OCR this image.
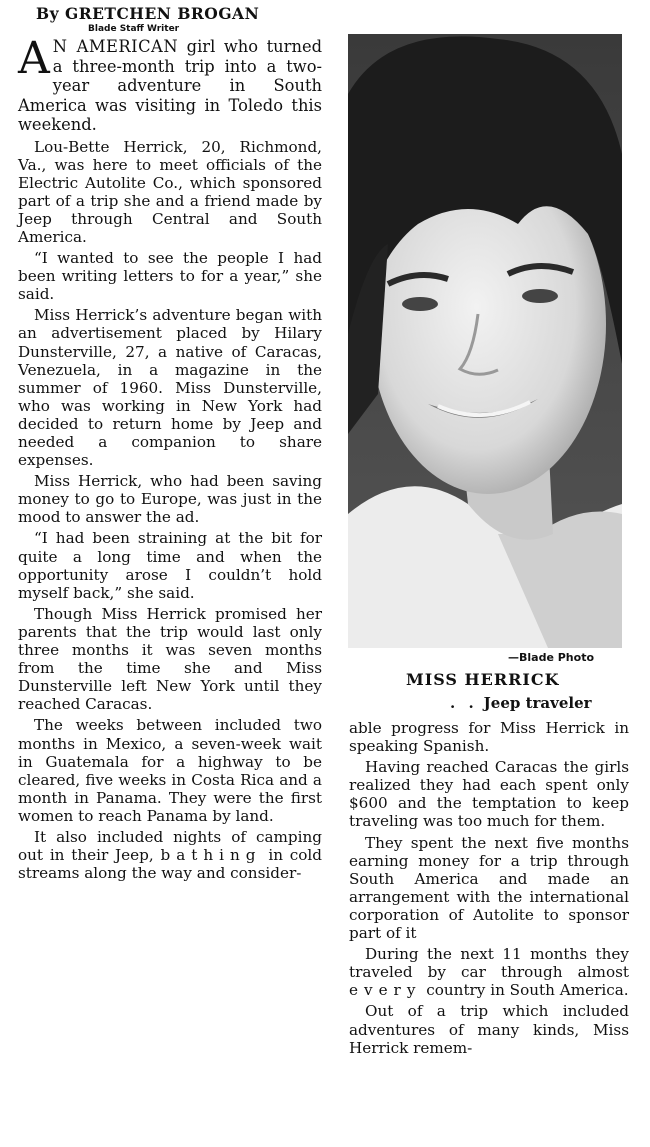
By GRETCHEN BROGAN
Blade Staff Writer

A N AMERICAN girl who turned a three-month trip into a two-year adventure in South America was visiting in Toledo this weekend.

Lou-Bette Herrick, 20, Richmond, Va., was here to meet officials of the Electric Autolite Co., which sponsored part of a trip she and a friend made by Jeep through Central and South America.

“I wanted to see the people I had been writing letters to for a year,” she said.

Miss Herrick’s adventure began with an advertisement placed by Hilary Dunsterville, 27, a native of Caracas, Venezuela, in a magazine in the summer of 1960. Miss Dunsterville, who was working in New York had decided to return home by Jeep and needed a companion to share expenses.

Miss Herrick, who had been saving money to go to Europe, was just in the mood to answer the ad.

“I had been straining at the bit for quite a long time and when the opportunity arose I couldn’t hold myself back,” she said.

Though Miss Herrick promised her parents that the trip would last only three months it was seven months from the time she and Miss Dunsterville left New York until they reached Caracas.

The weeks between included two months in Mexico, a seven-week wait in Guatemala for a highway to be cleared, five weeks in Costa Rica and a month in Panama. They were the first women to reach Panama by land.

It also included nights of camping out in their Jeep, bathing in cold streams along the way and consider-

—Blade Photo
MISS HERRICK
. . Jeep traveler

able progress for Miss Herrick in speaking Spanish.

Having reached Caracas the girls realized they had each spent only $600 and the temptation to keep traveling was too much for them.

They spent the next five months earning money for a trip through South America and made an arrangement with the international corporation of Autolite to sponsor part of it

During the next 11 months they traveled by car through almost every country in South America.

Out of a trip which included adventures of many kinds, Miss Herrick remem-
